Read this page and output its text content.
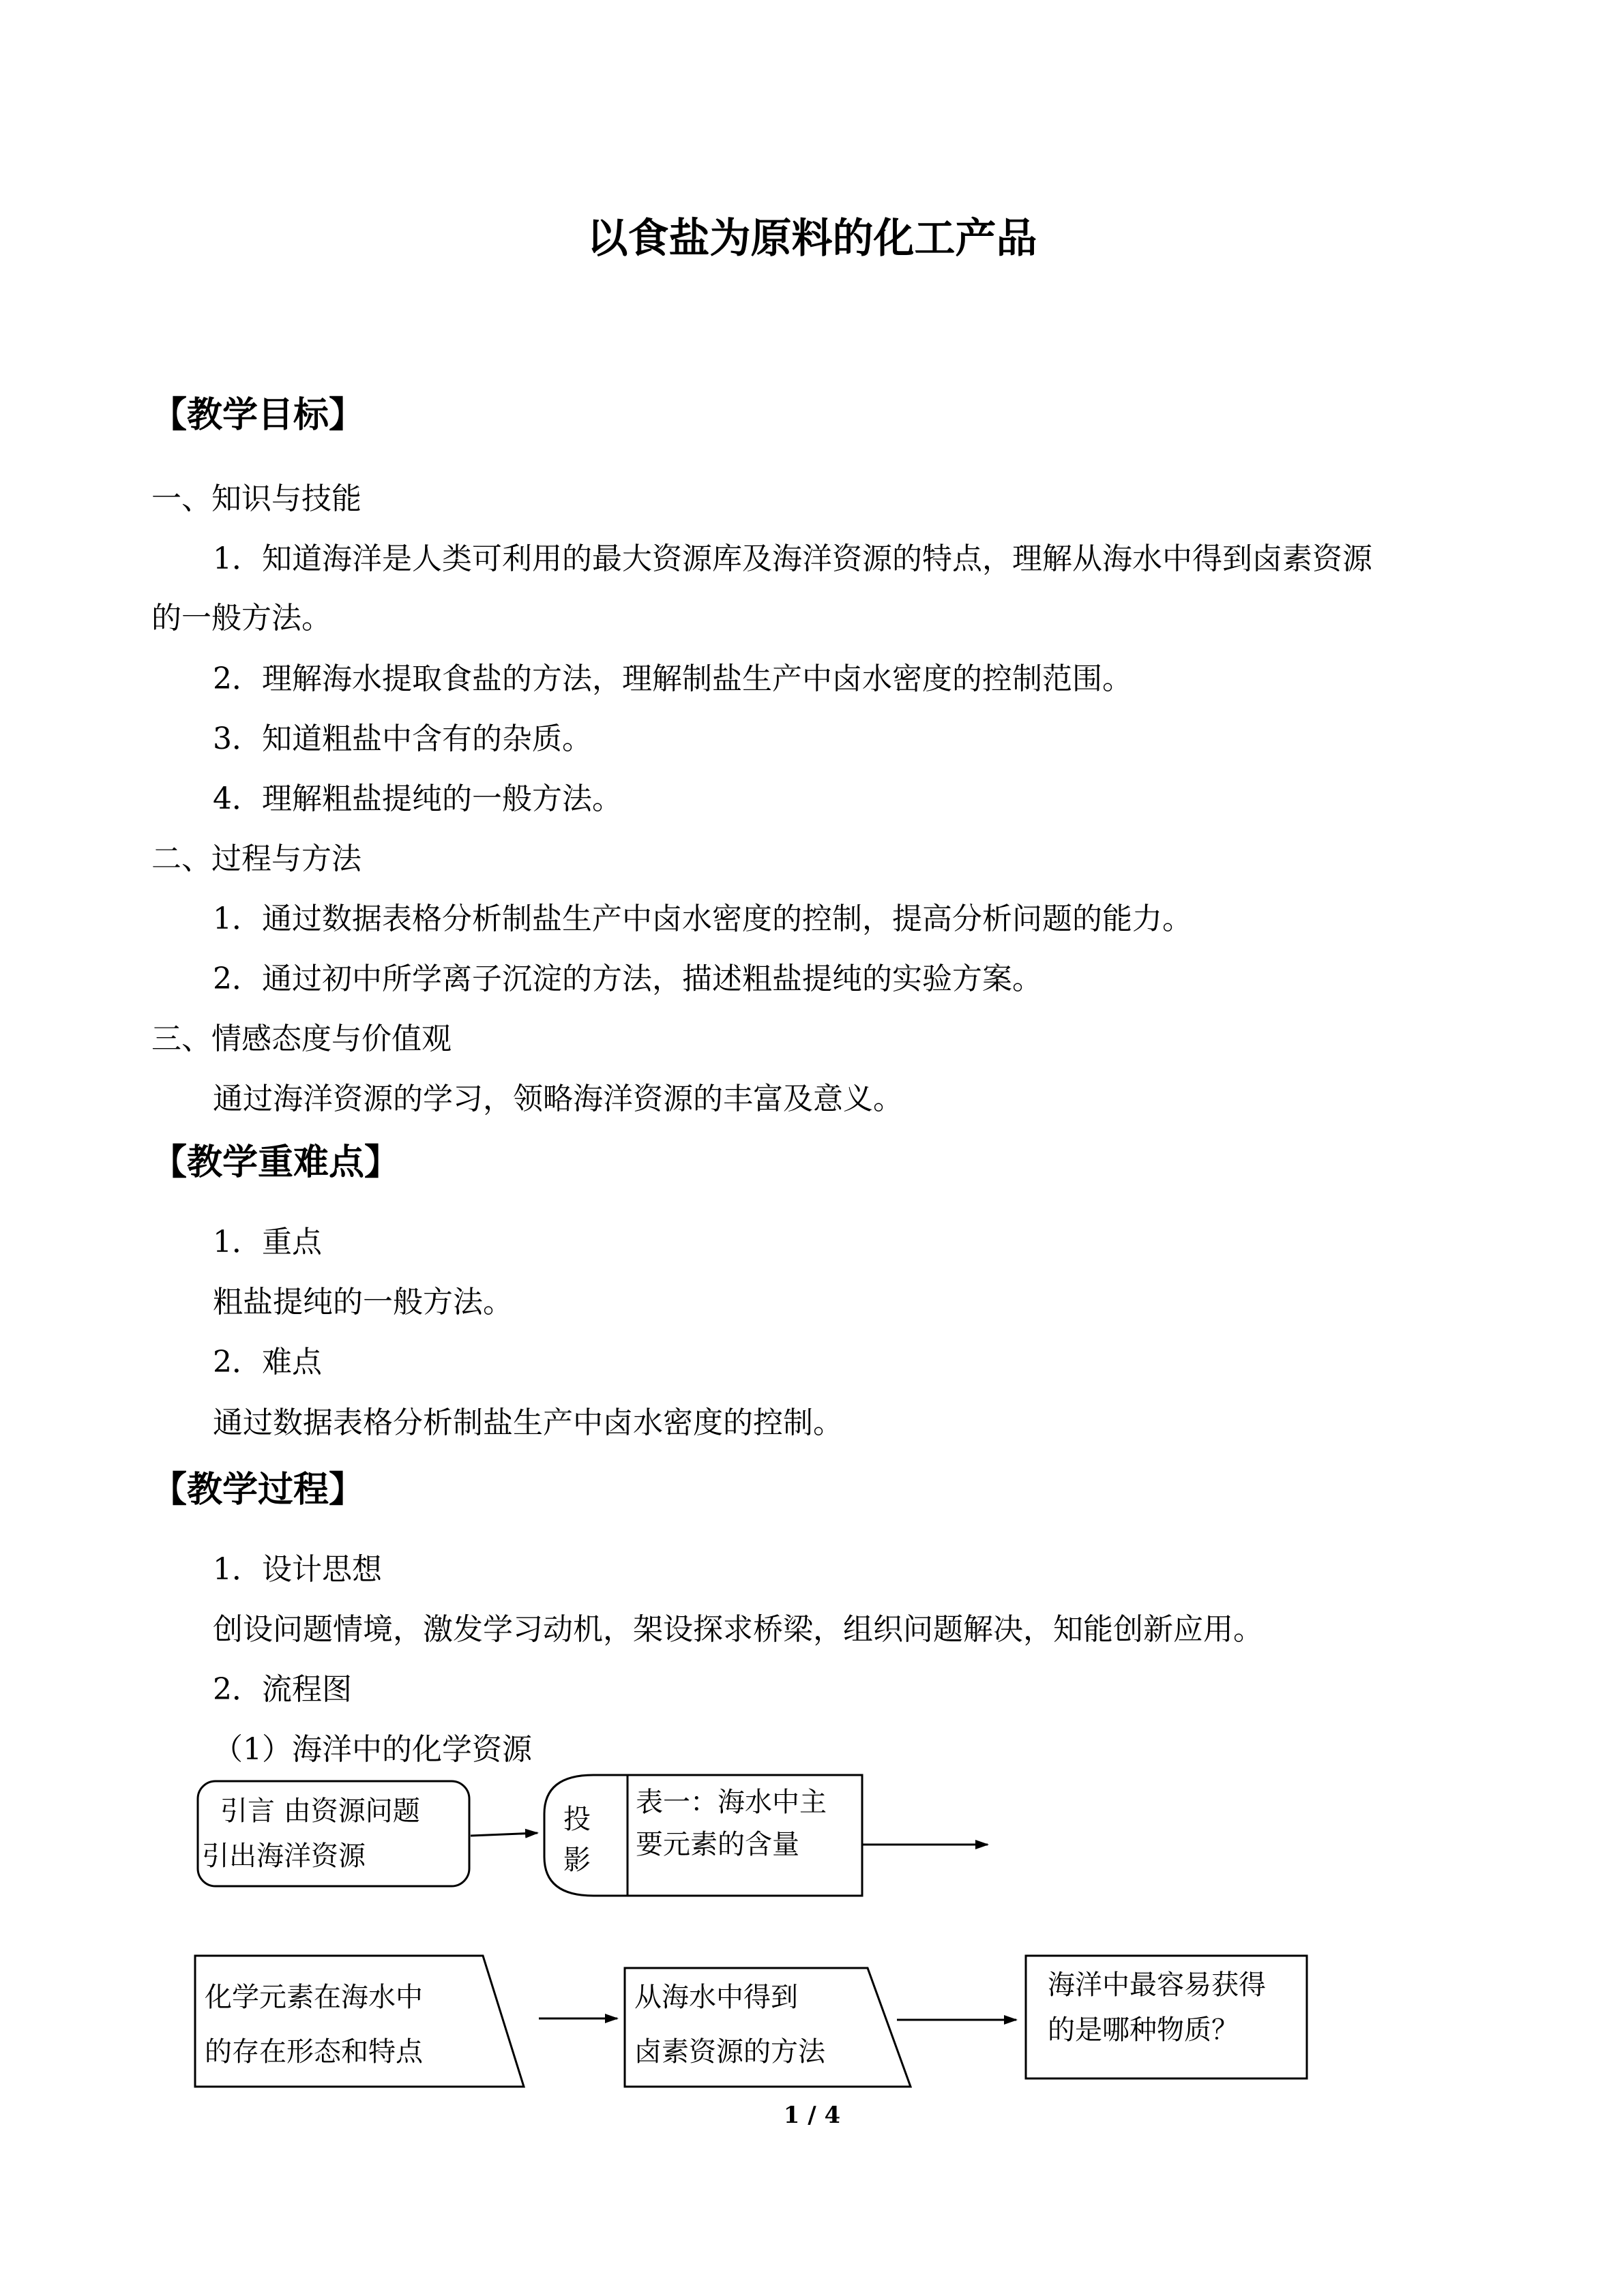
以食盐为原料的化工产品
【教学目标】
一、知识与技能
1．知道海洋是人类可利用的最大资源库及海洋资源的特点，理解从海水中得到卤素资源
的一般方法。
2．理解海水提取食盐的方法，理解制盐生产中卤水密度的控制范围。
3．知道粗盐中含有的杂质。
4．理解粗盐提纯的一般方法。
二、过程与方法
1．通过数据表格分析制盐生产中卤水密度的控制，提高分析问题的能力。
2．通过初中所学离子沉淀的方法，描述粗盐提纯的实验方案。
三、情感态度与价值观
通过海洋资源的学习，领略海洋资源的丰富及意义。
【教学重难点】
1．重点
粗盐提纯的一般方法。
2．难点
通过数据表格分析制盐生产中卤水密度的控制。
【教学过程】
1．设计思想
创设问题情境，激发学习动机，架设探求桥梁，组织问题解决，知能创新应用。
2．流程图
（1）海洋中的化学资源
引言 由资源问题
引出海洋资源
投
影
表一：海水中主
要元素的含量
化学元素在海水中
的存在形态和特点
从海水中得到
卤素资源的方法
海洋中最容易获得
的是哪种物质？
1 / 4
